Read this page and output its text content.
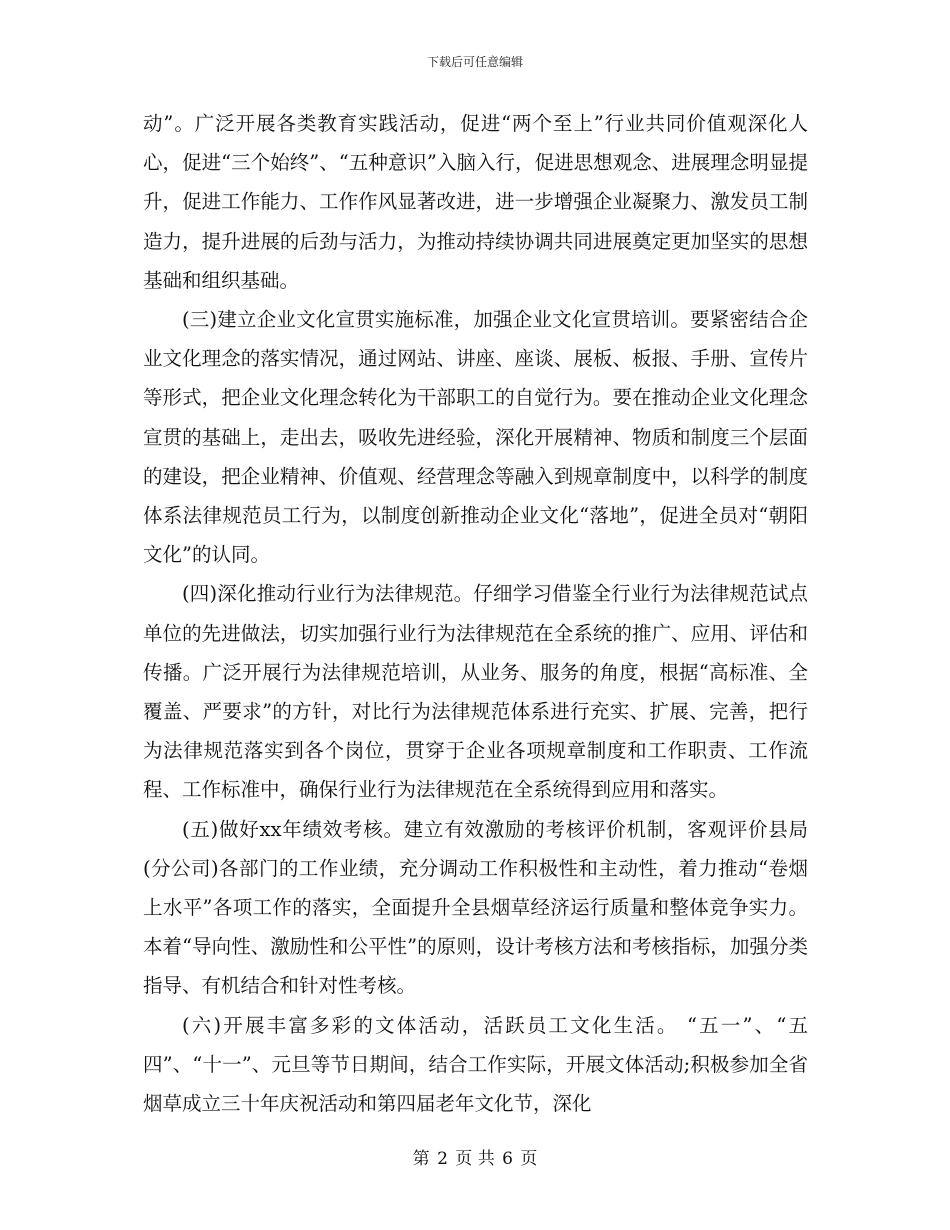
下载后可任意编辑

动”。广泛开展各类教育实践活动，促进“两个至上”行业共同价值观深化人心，促进“三个始终”、“五种意识”入脑入行，促进思想观念、进展理念明显提升，促进工作能力、工作作风显著改进，进一步增强企业凝聚力、激发员工制造力，提升进展的后劲与活力，为推动持续协调共同进展奠定更加坚实的思想基础和组织基础。

(三)建立企业文化宣贯实施标准，加强企业文化宣贯培训。要紧密结合企业文化理念的落实情况，通过网站、讲座、座谈、展板、板报、手册、宣传片等形式，把企业文化理念转化为干部职工的自觉行为。要在推动企业文化理念宣贯的基础上，走出去，吸收先进经验，深化开展精神、物质和制度三个层面的建设，把企业精神、价值观、经营理念等融入到规章制度中，以科学的制度体系法律规范员工行为，以制度创新推动企业文化“落地”，促进全员对“朝阳文化”的认同。

(四)深化推动行业行为法律规范。仔细学习借鉴全行业行为法律规范试点单位的先进做法，切实加强行业行为法律规范在全系统的推广、应用、评估和传播。广泛开展行为法律规范培训，从业务、服务的角度，根据“高标准、全覆盖、严要求”的方针，对比行为法律规范体系进行充实、扩展、完善，把行为法律规范落实到各个岗位，贯穿于企业各项规章制度和工作职责、工作流程、工作标准中，确保行业行为法律规范在全系统得到应用和落实。

(五)做好xx年绩效考核。建立有效激励的考核评价机制，客观评价县局(分公司)各部门的工作业绩，充分调动工作积极性和主动性，着力推动“卷烟上水平”各项工作的落实，全面提升全县烟草经济运行质量和整体竞争实力。本着“导向性、激励性和公平性”的原则，设计考核方法和考核指标，加强分类指导、有机结合和针对性考核。

(六)开展丰富多彩的文体活动，活跃员工文化生活。 “五一”、“五四”、“十一”、元旦等节日期间，结合工作实际，开展文体活动;积极参加全省烟草成立三十年庆祝活动和第四届老年文化节，深化

第 2 页 共 6 页
